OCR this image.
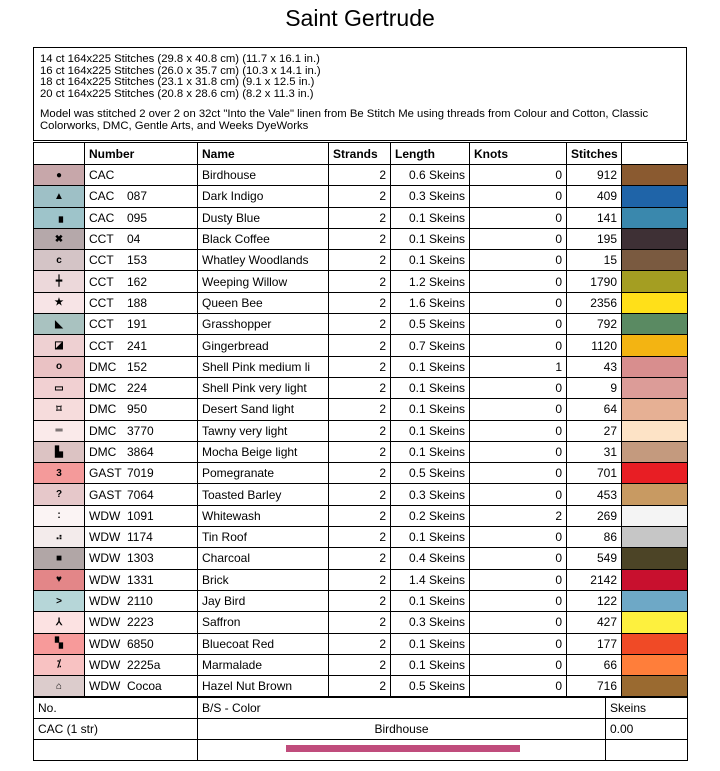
Saint Gertrude
14 ct 164x225 Stitches (29.8 x 40.8 cm) (11.7 x 16.1 in.)
16 ct 164x225 Stitches (26.0 x 35.7 cm) (10.3 x 14.1 in.)
18 ct 164x225 Stitches (23.1 x 31.8 cm) (9.1 x 12.5 in.)
20 ct 164x225 Stitches (20.8 x 28.6 cm) (8.2 x 11.3 in.)
Model was stitched 2 over 2 on 32ct "Into the Vale" linen from Be Stitch Me using threads from Colour and Cotton, Classic
Colorworks, DMC, Gentle Arts, and Weeks DyeWorks
	Number	Name	Strands	Length	Knots	Stitches	
●	CAC	Birdhouse	2	0.6 Skeins	0	912	

▲	CAC 087	Dark Indigo	2	0.3 Skeins	0	409	

▗	CAC 095	Dusty Blue	2	0.1 Skeins	0	141	

✖	CCT 04	Black Coffee	2	0.1 Skeins	0	195	

c	CCT 153	Whatley Woodlands	2	0.1 Skeins	0	15	

┿	CCT 162	Weeping Willow	2	1.2 Skeins	0	1790	

★	CCT 188	Queen Bee	2	1.6 Skeins	0	2356	

◣	CCT 191	Grasshopper	2	0.5 Skeins	0	792	

◪	CCT 241	Gingerbread	2	0.7 Skeins	0	1120	

o	DMC 152	Shell Pink medium li	2	0.1 Skeins	1	43	

▭	DMC 224	Shell Pink very light	2	0.1 Skeins	0	9	

⌑	DMC 950	Desert Sand light	2	0.1 Skeins	0	64	

═	DMC 3770	Tawny very light	2	0.1 Skeins	0	27	

▙	DMC 3864	Mocha Beige light	2	0.1 Skeins	0	31	

3	GAST 7019	Pomegranate	2	0.5 Skeins	0	701	

?	GAST 7064	Toasted Barley	2	0.3 Skeins	0	453	

:	WDW 1091	Whitewash	2	0.2 Skeins	2	269	

⠴	WDW 1174	Tin Roof	2	0.1 Skeins	0	86	

■	WDW 1303	Charcoal	2	0.4 Skeins	0	549	

♥	WDW 1331	Brick	2	1.4 Skeins	0	2142	

>	WDW 2110	Jay Bird	2	0.1 Skeins	0	122	

⅄	WDW 2223	Saffron	2	0.3 Skeins	0	427	

▚	WDW 6850	Bluecoat Red	2	0.1 Skeins	0	177	

⁒	WDW 2225a	Marmalade	2	0.1 Skeins	0	66	

⌂	WDW Cocoa	Hazel Nut Brown	2	0.5 Skeins	0	716	
No.	B/S - Color	Skeins
CAC (1 str)	Birdhouse	0.00
